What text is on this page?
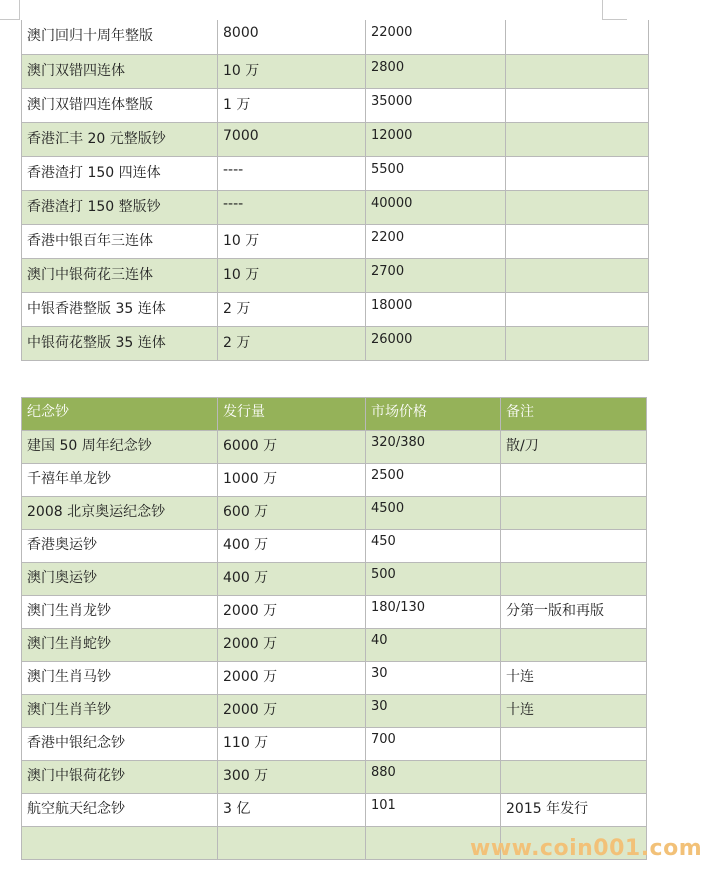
澳门回归十周年整版	8000	22000	
澳门双错四连体	10 万	2800	
澳门双错四连体整版	1 万	35000	
香港汇丰 20 元整版钞	7000	12000	
香港渣打 150 四连体	----	5500	
香港渣打 150 整版钞	----	40000	
香港中银百年三连体	10 万	2200	
澳门中银荷花三连体	10 万	2700	
中银香港整版 35 连体	2 万	18000	
中银荷花整版 35 连体	2 万	26000	
纪念钞	发行量	市场价格	备注
建国 50 周年纪念钞	6000 万	320/380	散/刀
千禧年单龙钞	1000 万	2500	
2008 北京奥运纪念钞	600 万	4500	
香港奥运钞	400 万	450	
澳门奥运钞	400 万	500	
澳门生肖龙钞	2000 万	180/130	分第一版和再版
澳门生肖蛇钞	2000 万	40	
澳门生肖马钞	2000 万	30	十连
澳门生肖羊钞	2000 万	30	十连
香港中银纪念钞	110 万	700	
澳门中银荷花钞	300 万	880	
航空航天纪念钞	3 亿	101	2015 年发行

www.coin001.com
